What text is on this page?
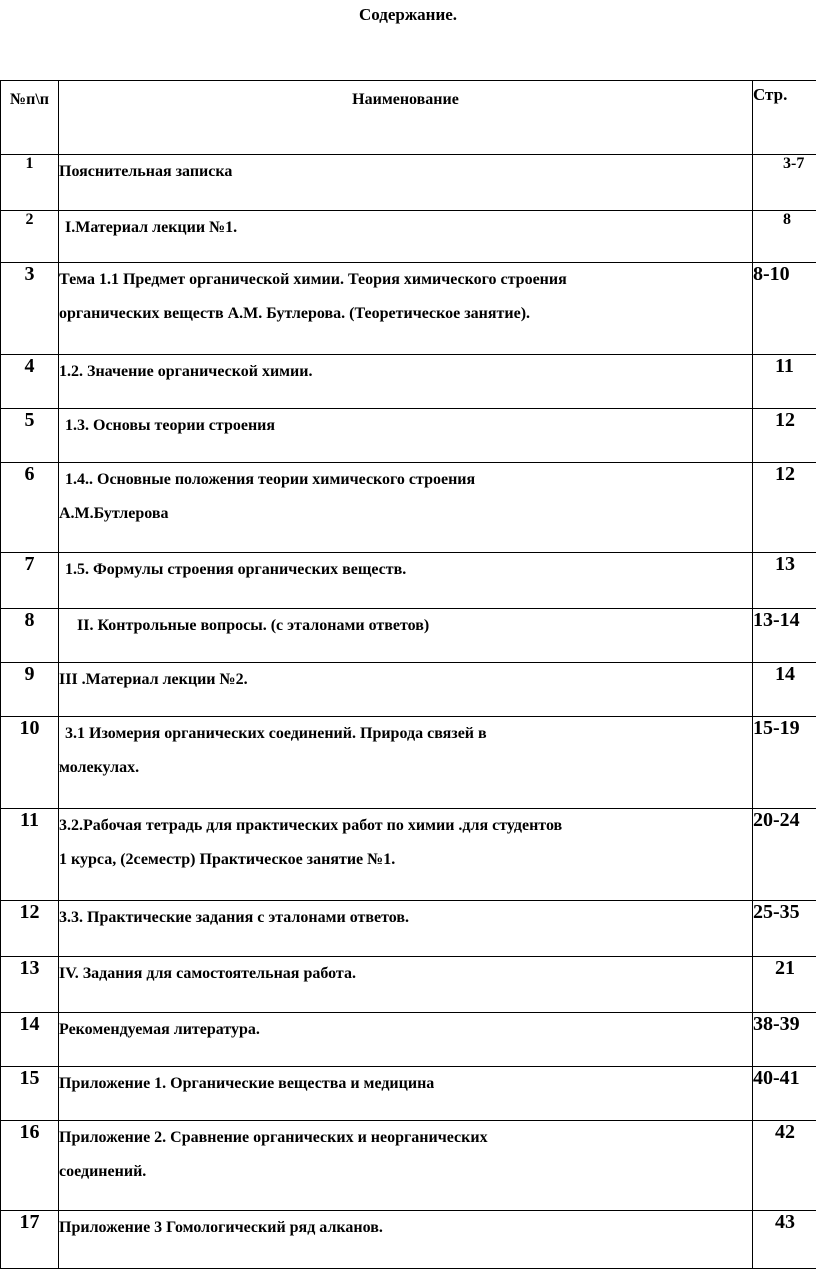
Содержание.
№п\п	Наименование	Стр.
1	Пояснительная записка	3-7
2	I.Материал лекции №1.	8
3	Тема 1.1 Предмет органической химии. Теория химического строения
органических веществ А.М. Бутлерова. (Теоретическое занятие).	8-10
4	1.2. Значение органической химии.	11
5	1.3. Основы теории строения	12
6	1.4.. Основные положения теории химического строения
А.М.Бутлерова	12
7	1.5. Формулы строения органических веществ.	13
8	II. Контрольные вопросы. (с эталонами ответов)	13-14
9	III .Материал лекции №2.	14
10	3.1 Изомерия органических соединений. Природа связей в
молекулах.	15-19
11	3.2.Рабочая тетрадь для практических работ по химии .для студентов
1 курса, (2семестр) Практическое занятие №1.	20-24
12	3.3. Практические задания с эталонами ответов.	25-35
13	IV. Задания для самостоятельная работа.	21
14	Рекомендуемая литература.	38-39
15	Приложение 1. Органические вещества и медицина	40-41
16	Приложение 2. Сравнение органических и неорганических
соединений.	42
17	Приложение 3 Гомологический ряд алканов.	43
